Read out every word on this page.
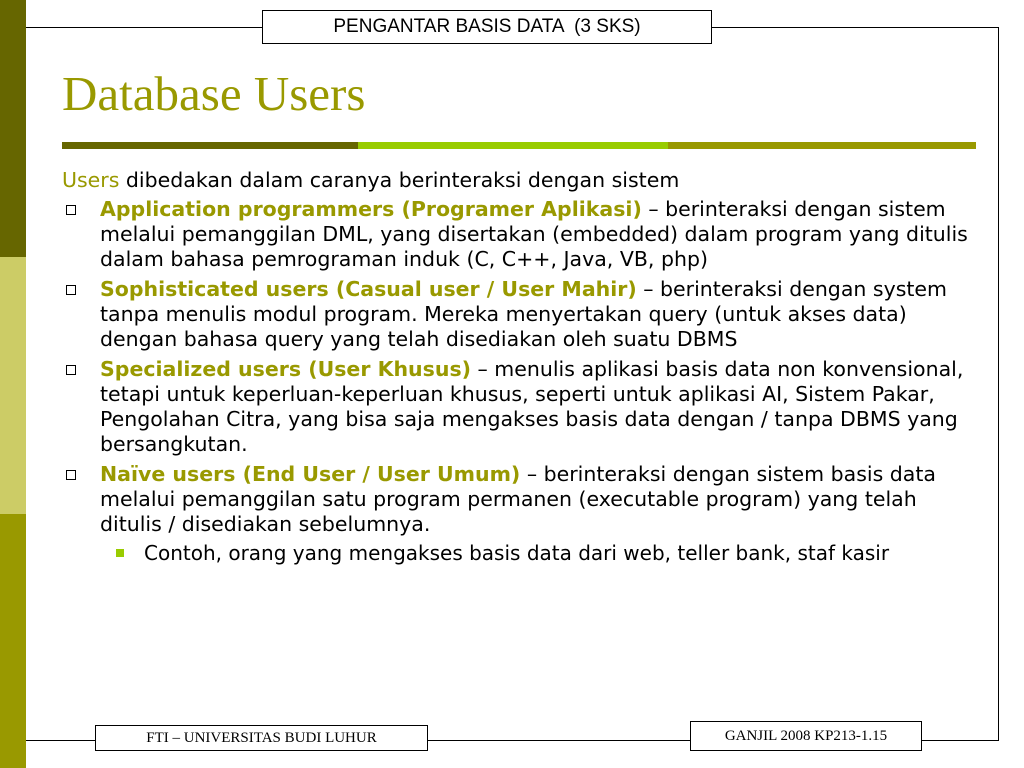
PENGANTAR BASIS DATA  (3 SKS)
Database Users

Users dibedakan dalam caranya berinteraksi dengan sistem

Application programmers (Programer Aplikasi) – berinteraksi dengan sistem melalui pemanggilan DML, yang disertakan (embedded) dalam program yang ditulis dalam bahasa pemrograman induk (C, C++, Java, VB, php)
Sophisticated users (Casual user / User Mahir) – berinteraksi dengan system tanpa menulis modul program. Mereka menyertakan query (untuk akses data) dengan bahasa query yang telah disediakan oleh suatu DBMS
Specialized users (User Khusus) – menulis aplikasi basis data non konvensional, tetapi untuk keperluan-keperluan khusus, seperti untuk aplikasi AI, Sistem Pakar, Pengolahan Citra, yang bisa saja mengakses basis data dengan / tanpa DBMS yang bersangkutan.
Naïve users (End User / User Umum) – berinteraksi dengan sistem basis data melalui pemanggilan satu program permanen (executable program) yang telah ditulis / disediakan sebelumnya.
Contoh, orang yang mengakses basis data dari web, teller bank, staf kasir
FTI – UNIVERSITAS BUDI LUHUR	GANJIL 2008 KP213-1.15
